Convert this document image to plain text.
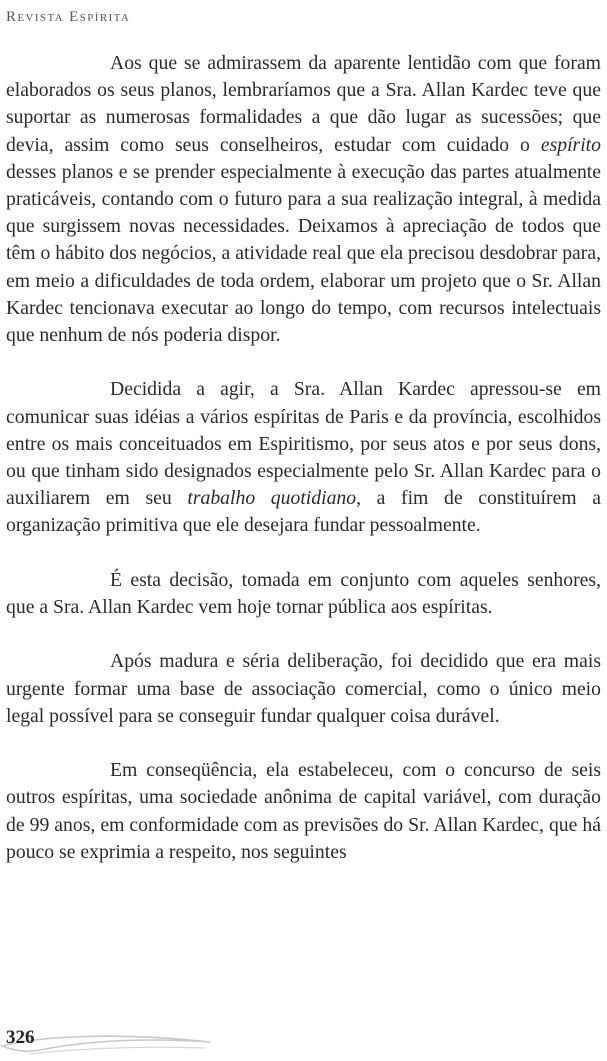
Revista Espírita

Aos que se admirassem da aparente lentidão com que foram elaborados os seus planos, lembraríamos que a Sra. Allan Kardec teve que suportar as numerosas formalidades a que dão lugar as sucessões; que devia, assim como seus conselheiros, estudar com cuidado o espírito desses planos e se prender especialmente à execução das partes atualmente praticáveis, contando com o futuro para a sua realização integral, à medida que surgissem novas necessidades. Deixamos à apreciação de todos que têm o hábito dos negócios, a atividade real que ela precisou desdobrar para, em meio a dificuldades de toda ordem, elaborar um projeto que o Sr. Allan Kardec tencionava executar ao longo do tempo, com recursos intelectuais que nenhum de nós poderia dispor.

Decidida a agir, a Sra. Allan Kardec apressou-se em comunicar suas idéias a vários espíritas de Paris e da província, escolhidos entre os mais conceituados em Espiritismo, por seus atos e por seus dons, ou que tinham sido designados especialmente pelo Sr. Allan Kardec para o auxiliarem em seu trabalho quotidiano, a fim de constituírem a organização primitiva que ele desejara fundar pessoalmente.

É esta decisão, tomada em conjunto com aqueles senhores, que a Sra. Allan Kardec vem hoje tornar pública aos espíritas.

Após madura e séria deliberação, foi decidido que era mais urgente formar uma base de associação comercial, como o único meio legal possível para se conseguir fundar qualquer coisa durável.

Em conseqüência, ela estabeleceu, com o concurso de seis outros espíritas, uma sociedade anônima de capital variável, com duração de 99 anos, em conformidade com as previsões do Sr. Allan Kardec, que há pouco se exprimia a respeito, nos seguintes

326
